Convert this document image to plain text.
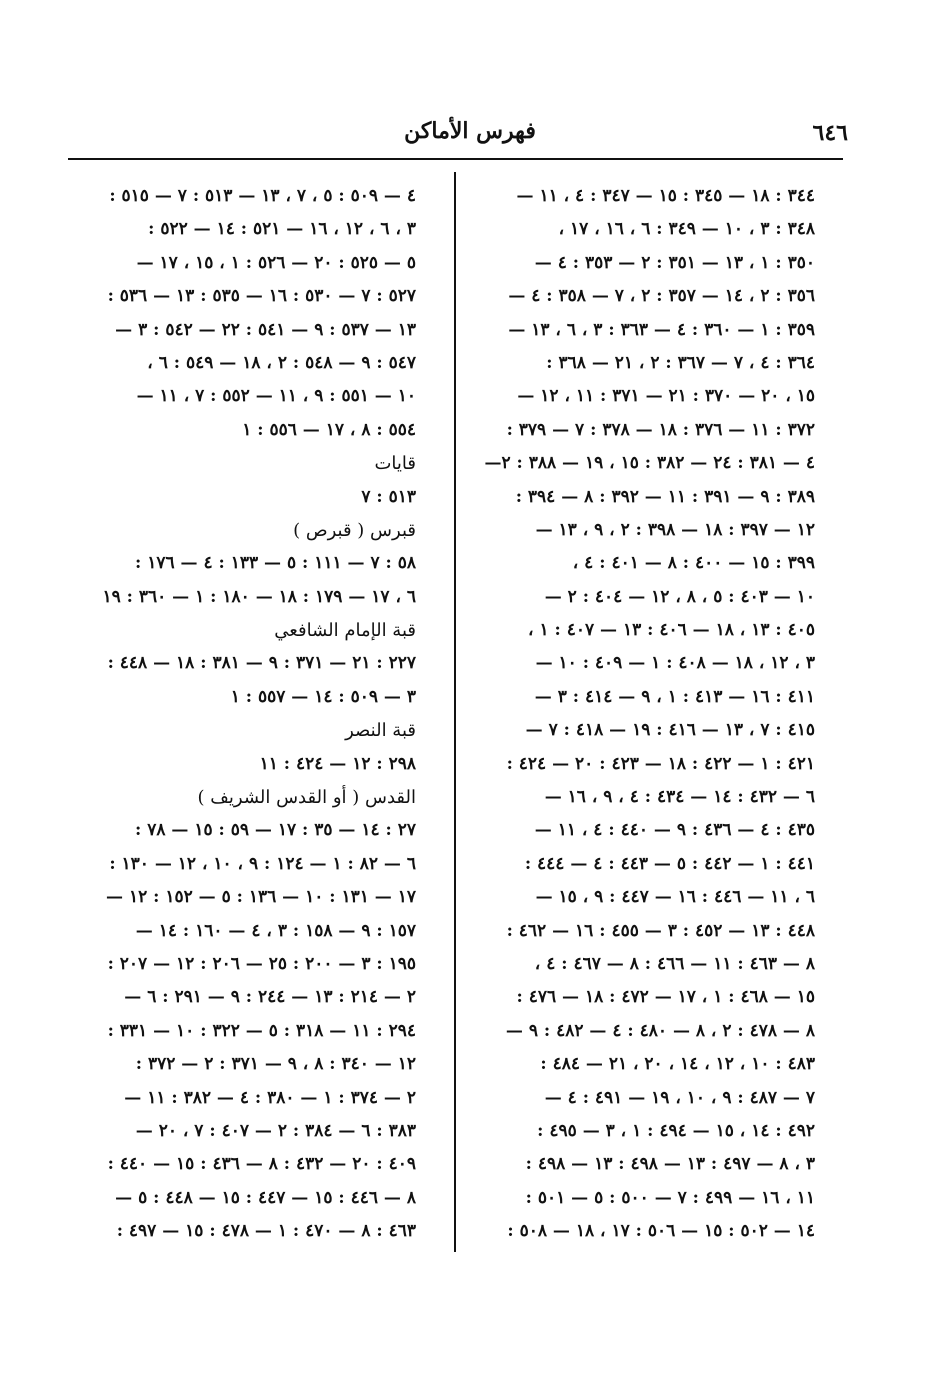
٦٤٦
فهرس الأماكن
٣٤٤ : ١٨ — ٣٤٥ : ١٥ — ٣٤٧ : ٤ ، ١١ —
٣٤٨ : ٣ ، ١٠ — ٣٤٩ : ٦ ، ١٦ ، ١٧ ،
٣٥٠ : ١ ، ١٣ — ٣٥١ : ٢ — ٣٥٣ : ٤ —
٣٥٦ : ٢ ، ١٤ — ٣٥٧ : ٢ ، ٧ — ٣٥٨ : ٤ —
٣٥٩ : ١ — ٣٦٠ : ٤ — ٣٦٣ : ٣ ، ٦ ، ١٣ —
٣٦٤ : ٤ ، ٧ — ٣٦٧ : ٢ ، ٢١ — ٣٦٨ :
١٥ ، ٢٠ — ٣٧٠ : ٢١ — ٣٧١ : ١١ ، ١٢ —
٣٧٢ : ١١ — ٣٧٦ : ١٨ — ٣٧٨ : ٧ — ٣٧٩ :
٤ — ٣٨١ : ٢٤ — ٣٨٢ : ١٥ ، ١٩ — ٣٨٨ : ٢—
٣٨٩ : ٩ — ٣٩١ : ١١ — ٣٩٢ : ٨ — ٣٩٤ :
١٢ — ٣٩٧ : ١٨ — ٣٩٨ : ٢ ، ٩ ، ١٣ —
٣٩٩ : ١٥ — ٤٠٠ : ٨ — ٤٠١ : ٤ ،
١٠ — ٤٠٣ : ٥ ، ٨ ، ١٢ — ٤٠٤ : ٢ —
٤٠٥ : ١٣ ، ١٨ — ٤٠٦ : ١٣ — ٤٠٧ : ١ ،
٣ ، ١٢ ، ١٨ — ٤٠٨ : ١ — ٤٠٩ : ١٠ —
٤١١ : ١٦ — ٤١٣ : ١ ، ٩ — ٤١٤ : ٣ —
٤١٥ : ٧ ، ١٣ — ٤١٦ : ١٩ — ٤١٨ : ٧ —
٤٢١ : ١ — ٤٢٢ : ١٨ — ٤٢٣ : ٢٠ — ٤٢٤ :
٦ — ٤٣٢ : ١٤ — ٤٣٤ : ٤ ، ٩ ، ١٦ —
٤٣٥ : ٤ — ٤٣٦ : ٩ — ٤٤٠ : ٤ ، ١١ —
٤٤١ : ١ — ٤٤٢ : ٥ — ٤٤٣ : ٤ — ٤٤٤ :
٦ ، ١١ — ٤٤٦ : ١٦ — ٤٤٧ : ٩ ، ١٥ —
٤٤٨ : ١٣ — ٤٥٢ : ٣ — ٤٥٥ : ١٦ — ٤٦٢ :
٨ — ٤٦٣ : ١١ — ٤٦٦ : ٨ — ٤٦٧ : ٤ ،
١٥ — ٤٦٨ : ١ ، ١٧ — ٤٧٢ : ١٨ — ٤٧٦ :
٨ — ٤٧٨ : ٢ ، ٨ — ٤٨٠ : ٤ — ٤٨٢ : ٩ —
٤٨٣ : ١٠ ، ١٢ ، ١٤ ، ٢٠ ، ٢١ — ٤٨٤ :
٧ — ٤٨٧ : ٩ ، ١٠ ، ١٩ — ٤٩١ : ٤ —
٤٩٢ : ١٤ ، ١٥ — ٤٩٤ : ١ ، ٣ — ٤٩٥ :
٣ ، ٨ — ٤٩٧ : ١٣ — ٤٩٨ : ١٣ — ٤٩٨ :
١١ ، ١٦ — ٤٩٩ : ٧ — ٥٠٠ : ٥ — ٥٠١ :
١٤ — ٥٠٢ : ١٥ — ٥٠٦ : ١٧ ، ١٨ — ٥٠٨ :
٤ — ٥٠٩ : ٥ ، ٧ ، ١٣ — ٥١٣ : ٧ — ٥١٥ :
٣ ، ٦ ، ١٢ ، ١٦ — ٥٢١ : ١٤ — ٥٢٢ :
٥ — ٥٢٥ : ٢٠ — ٥٢٦ : ١ ، ١٥ ، ١٧ —
٥٢٧ : ٧ — ٥٣٠ : ١٦ — ٥٣٥ : ١٣ — ٥٣٦ :
١٣ — ٥٣٧ : ٩ — ٥٤١ : ٢٢ — ٥٤٢ : ٣ —
٥٤٧ : ٩ — ٥٤٨ : ٢ ، ١٨ — ٥٤٩ : ٦ ،
١٠ — ٥٥١ : ٩ ، ١١ — ٥٥٢ : ٧ ، ١١ —
٥٥٤ : ٨ ، ١٧ — ٥٥٦ : ١
قايات
٥١٣ : ٧
قبرس ( قبرص )
٥٨ : ٧ — ١١١ : ٥ — ١٣٣ : ٤ — ١٧٦ :
٦ ، ١٧ — ١٧٩ : ١٨ — ١٨٠ : ١ — ٣٦٠ : ١٩
قبة الإمام الشافعي
٢٢٧ : ٢١ — ٣٧١ : ٩ — ٣٨١ : ١٨ — ٤٤٨ :
٣ — ٥٠٩ : ١٤ — ٥٥٧ : ١
قبة النصر
٢٩٨ : ١٢ — ٤٢٤ : ١١
القدس ( أو القدس الشريف )
٢٧ : ١٤ — ٣٥ : ١٧ — ٥٩ : ١٥ — ٧٨ :
٦ — ٨٢ : ١ — ١٢٤ : ٩ ، ١٠ ، ١٢ — ١٣٠ :
١٧ — ١٣١ : ١٠ — ١٣٦ : ٥ — ١٥٢ : ١٢ —
١٥٧ : ٩ — ١٥٨ : ٣ ، ٤ — ١٦٠ : ١٤ —
١٩٥ : ٣ — ٢٠٠ : ٢٥ — ٢٠٦ : ١٢ — ٢٠٧ :
٢ — ٢١٤ : ١٣ — ٢٤٤ : ٩ — ٢٩١ : ٦ —
٢٩٤ : ١١ — ٣١٨ : ٥ — ٣٢٢ : ١٠ — ٣٣١ :
١٢ — ٣٤٠ : ٨ ، ٩ — ٣٧١ : ٢ — ٣٧٢ :
٢ — ٣٧٤ : ١ — ٣٨٠ : ٤ — ٣٨٢ : ١١ —
٣٨٣ : ٦ — ٣٨٤ : ٢ — ٤٠٧ : ٧ ، ٢٠ —
٤٠٩ : ٢٠ — ٤٣٢ : ٨ — ٤٣٦ : ١٥ — ٤٤٠ :
٨ — ٤٤٦ : ١٥ — ٤٤٧ : ١٥ — ٤٤٨ : ٥ —
٤٦٣ : ٨ — ٤٧٠ : ١ — ٤٧٨ : ١٥ — ٤٩٧ :
